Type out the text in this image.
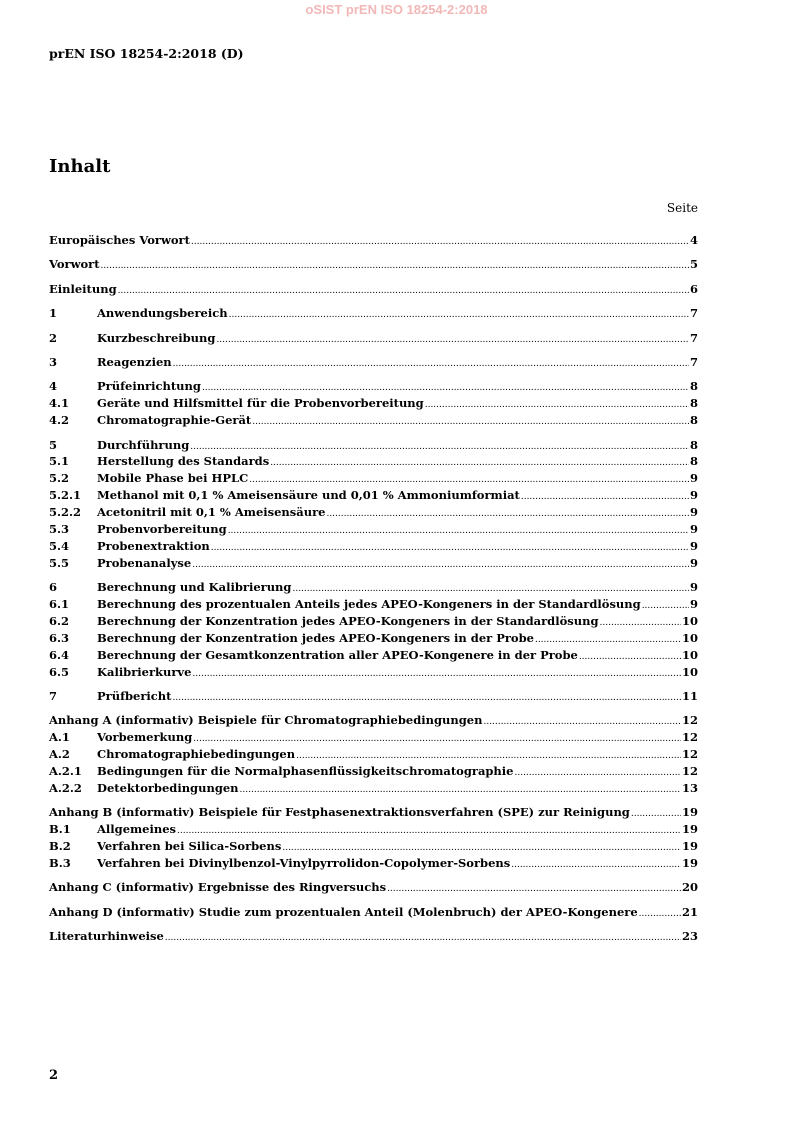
oSIST prEN ISO 18254-2:2018
prEN ISO 18254-2:2018 (D)
Inhalt
Seite
Europäisches Vorwort .....	4
Vorwort .....	5
Einleitung .....	6
1	Anwendungsbereich .....	7
2	Kurzbeschreibung .....	7
3	Reagenzien .....	7
4	Prüfeinrichtung .....	8
4.1	Geräte und Hilfsmittel für die Probenvorbereitung .....	8
4.2	Chromatographie-Gerät .....	8
5	Durchführung .....	8
5.1	Herstellung des Standards .....	8
5.2	Mobile Phase bei HPLC .....	9
5.2.1	Methanol mit 0,1 % Ameisensäure und 0,01 % Ammoniumformiat .....	9
5.2.2	Acetonitril mit 0,1 % Ameisensäure .....	9
5.3	Probenvorbereitung .....	9
5.4	Probenextraktion .....	9
5.5	Probenanalyse .....	9
6	Berechnung und Kalibrierung .....	9
6.1	Berechnung des prozentualen Anteils jedes APEO-Kongeners in der Standardlösung .....	9
6.2	Berechnung der Konzentration jedes APEO-Kongeners in der Standardlösung .....	10
6.3	Berechnung der Konzentration jedes APEO-Kongeners in der Probe .....	10
6.4	Berechnung der Gesamtkonzentration aller APEO-Kongenere in der Probe .....	10
6.5	Kalibrierkurve .....	10
7	Prüfbericht .....	11
Anhang A (informativ) Beispiele für Chromatographiebedingungen .....	12
A.1	Vorbemerkung .....	12
A.2	Chromatographiebedingungen .....	12
A.2.1	Bedingungen für die Normalphasenflüssigkeitschromatographie .....	12
A.2.2	Detektorbedingungen .....	13
Anhang B (informativ) Beispiele für Festphasenextraktionsverfahren (SPE) zur Reinigung .....	19
B.1	Allgemeines .....	19
B.2	Verfahren bei Silica-Sorbens .....	19
B.3	Verfahren bei Divinylbenzol-Vinylpyrrolidon-Copolymer-Sorbens .....	19
Anhang C (informativ) Ergebnisse des Ringversuchs .....	20
Anhang D (informativ) Studie zum prozentualen Anteil (Molenbruch) der APEO-Kongenere .....	21
Literaturhinweise .....	23
2
